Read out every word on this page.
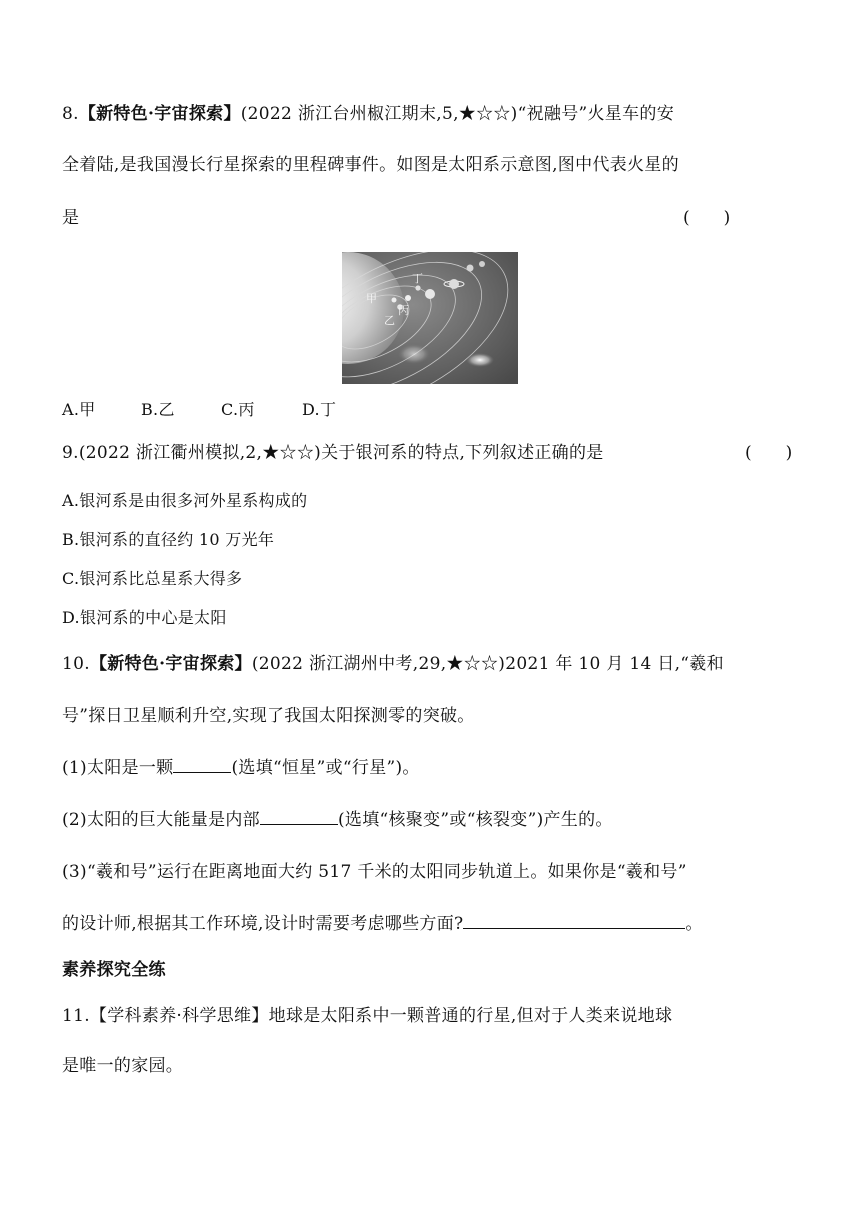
8.【新特色·宇宙探索】(2022 浙江台州椒江期末,5,★☆☆)“祝融号”火星车的安
全着陆,是我国漫长行星探索的里程碑事件。如图是太阳系示意图,图中代表火星的
是	(　　)
甲
乙
丙
丁
A.甲	B.乙	C.丙	D.丁
9.(2022 浙江衢州模拟,2,★☆☆)关于银河系的特点,下列叙述正确的是	(　　)
A.银河系是由很多河外星系构成的
B.银河系的直径约 10 万光年
C.银河系比总星系大得多
D.银河系的中心是太阳
10.【新特色·宇宙探索】(2022 浙江湖州中考,29,★☆☆)2021 年 10 月 14 日,“羲和
号”探日卫星顺利升空,实现了我国太阳探测零的突破。
(1)太阳是一颗	(选填“恒星”或“行星”)。
(2)太阳的巨大能量是内部	(选填“核聚变”或“核裂变”)产生的。
(3)“羲和号”运行在距离地面大约 517 千米的太阳同步轨道上。如果你是“羲和号”
的设计师,根据其工作环境,设计时需要考虑哪些方面?	。
素养探究全练
11.【学科素养·科学思维】地球是太阳系中一颗普通的行星,但对于人类来说地球
是唯一的家园。
